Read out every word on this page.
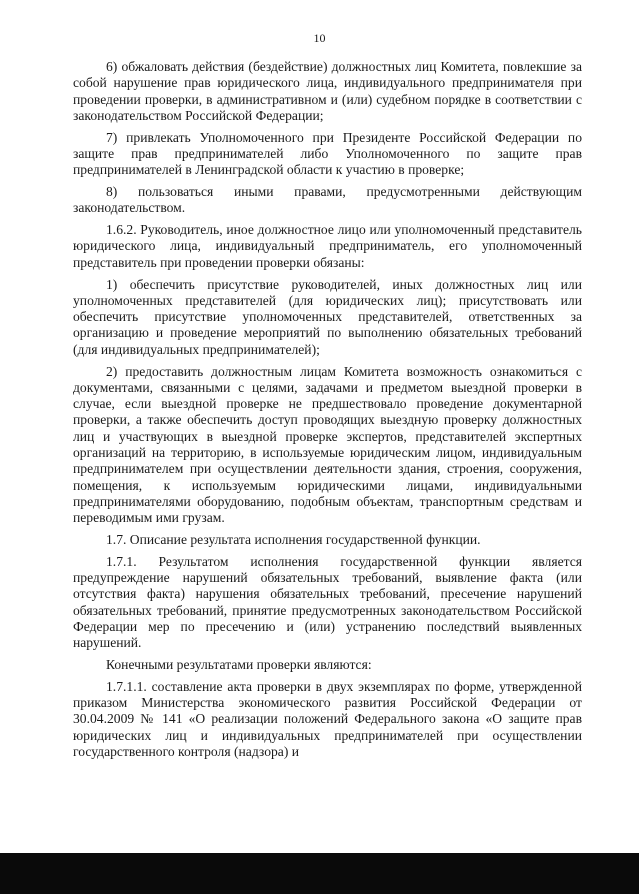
10

6) обжаловать действия (бездействие) должностных лиц Комитета, повлекшие за собой нарушение прав юридического лица, индивидуального предпринимателя при проведении проверки, в административном и (или) судебном порядке в соответствии с законодательством Российской Федерации;

7) привлекать Уполномоченного при Президенте Российской Федерации по защите прав предпринимателей либо Уполномоченного по защите прав предпринимателей в Ленинградской области к участию в проверке;

8) пользоваться иными правами, предусмотренными действующим законодательством.

1.6.2. Руководитель, иное должностное лицо или уполномоченный представитель юридического лица, индивидуальный предприниматель, его уполномоченный представитель при проведении проверки обязаны:

1) обеспечить присутствие руководителей, иных должностных лиц или уполномоченных представителей (для юридических лиц); присутствовать или обеспечить присутствие уполномоченных представителей, ответственных за организацию и проведение мероприятий по выполнению обязательных требований (для индивидуальных предпринимателей);

2) предоставить должностным лицам Комитета возможность ознакомиться с документами, связанными с целями, задачами и предметом выездной проверки в случае, если выездной проверке не предшествовало проведение документарной проверки, а также обеспечить доступ проводящих выездную проверку должностных лиц и участвующих в выездной проверке экспертов, представителей экспертных организаций на территорию, в используемые юридическим лицом, индивидуальным предпринимателем при осуществлении деятельности здания, строения, сооружения, помещения, к используемым юридическими лицами, индивидуальными предпринимателями оборудованию, подобным объектам, транспортным средствам и переводимым ими грузам.

1.7. Описание результата исполнения государственной функции.

1.7.1. Результатом исполнения государственной функции является предупреждение нарушений обязательных требований, выявление факта (или отсутствия факта) нарушения обязательных требований, пресечение нарушений обязательных требований, принятие предусмотренных законодательством Российской Федерации мер по пресечению и (или) устранению последствий выявленных нарушений.

Конечными результатами проверки являются:

1.7.1.1. составление акта проверки в двух экземплярах по форме, утвержденной приказом Министерства экономического развития Российской Федерации от 30.04.2009 № 141 «О реализации положений Федерального закона «О защите прав юридических лиц и индивидуальных предпринимателей при осуществлении государственного контроля (надзора) и
